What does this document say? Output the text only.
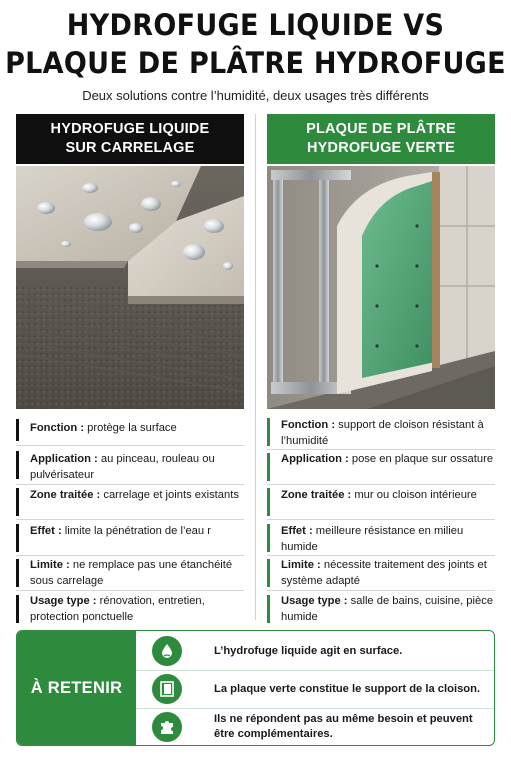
HYDROFUGE LIQUIDE VS
PLAQUE DE PLÂTRE HYDROFUGE
Deux solutions contre l’humidité, deux usages très différents
HYDROFUGE LIQUIDE
SUR CARRELAGE
PLAQUE DE PLÂTRE
HYDROFUGE VERTE
Fonction : protège la surface
Application : au pinceau, rouleau ou pulvérisateur
Zone traitée : carrelage et joints existants
Effet : limite la pénétration de l’eau r
Limite : ne remplace pas une étanchéité sous carrelage
Usage type : rénovation, entretien, protection ponctuelle
Fonction : support de cloison résistant à l’humidité
Application : pose en plaque sur ossature
Zone traitée : mur ou cloison intérieure
Effet : meilleure résistance en milieu humide
Limite : nécessite traitement des joints et système adapté
Usage type : salle de bains, cuisine, pièce humide
À RETENIR
L’hydrofuge liquide agit en surface.
La plaque verte constitue le support de la cloison.
Ils ne répondent pas au même besoin et peuvent être complémentaires.
